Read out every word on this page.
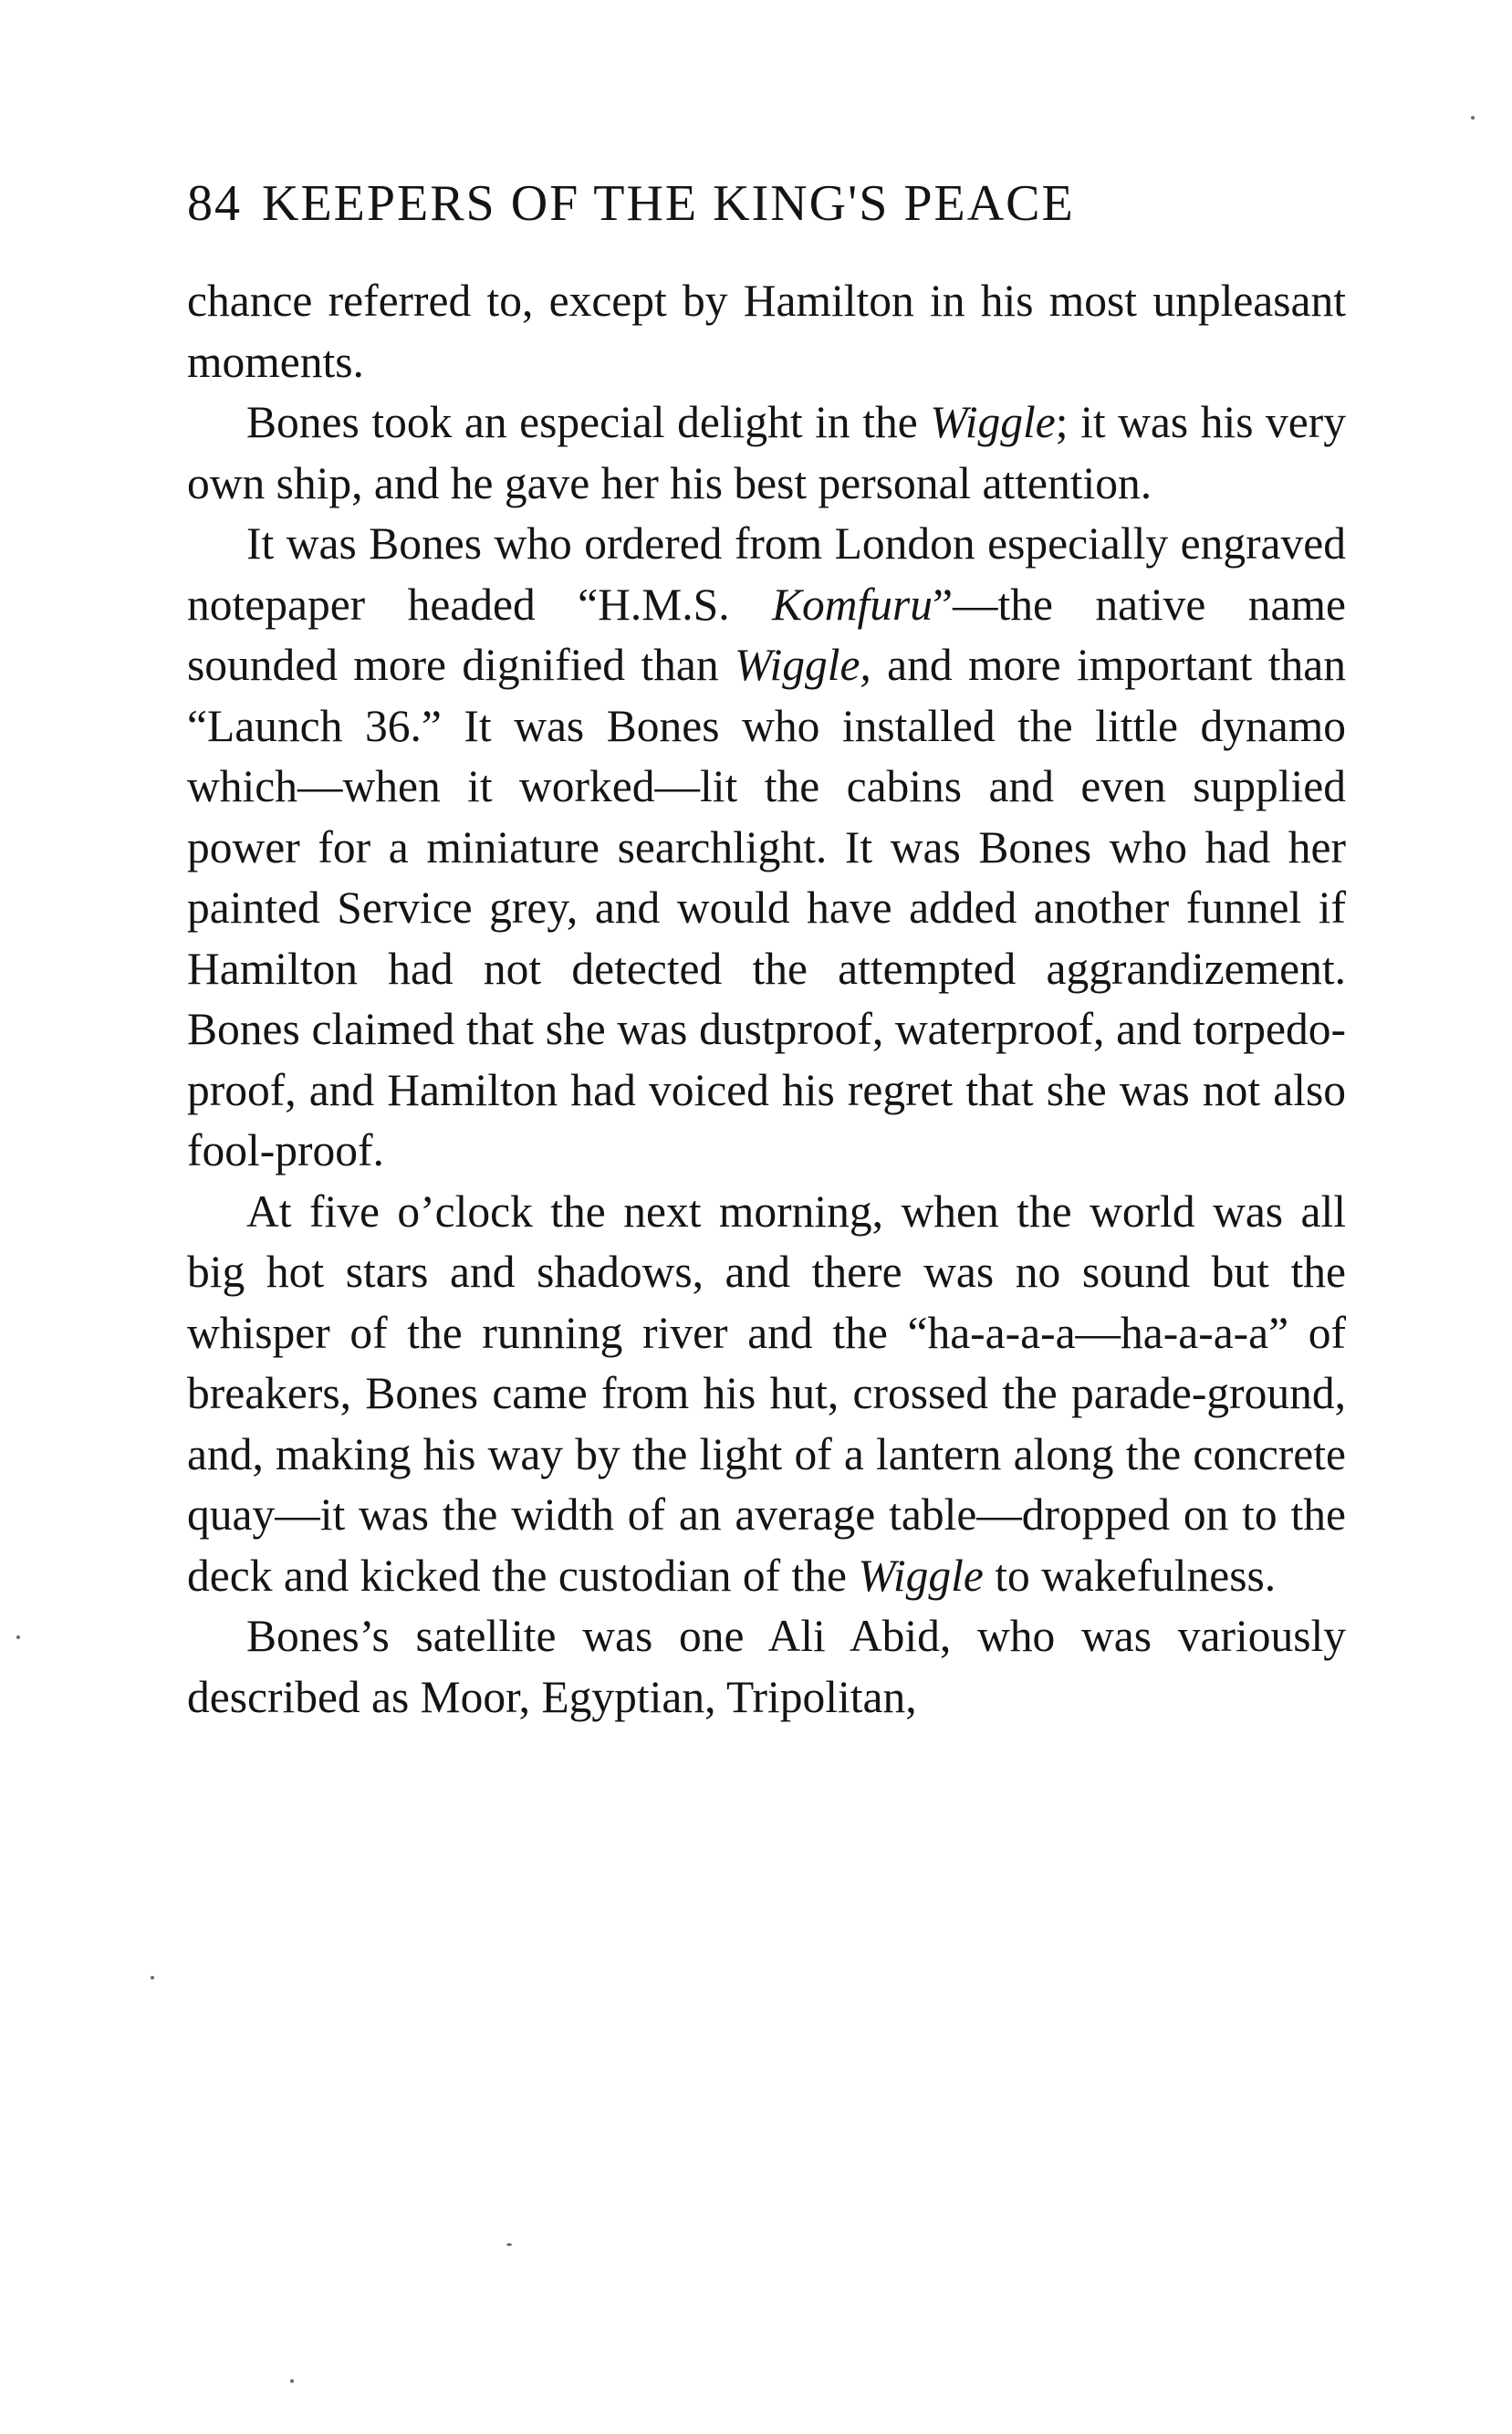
84 KEEPERS OF THE KING'S PEACE

chance referred to, except by Hamilton in his most unpleasant moments.

Bones took an especial delight in the Wiggle; it was his very own ship, and he gave her his best personal attention.

It was Bones who ordered from London especially engraved notepaper headed “H.M.S. Komfuru”—the native name sounded more dignified than Wiggle, and more important than “Launch 36.” It was Bones who installed the little dynamo which—when it worked—lit the cabins and even supplied power for a miniature searchlight. It was Bones who had her painted Service grey, and would have added another funnel if Hamilton had not detected the attempted aggrandizement. Bones claimed that she was dustproof, waterproof, and torpedo-proof, and Hamilton had voiced his regret that she was not also fool-proof.

At five o’clock the next morning, when the world was all big hot stars and shadows, and there was no sound but the whisper of the running river and the “ha-a-a-a—ha-a-a-a” of breakers, Bones came from his hut, crossed the parade-ground, and, making his way by the light of a lantern along the concrete quay—it was the width of an average table—dropped on to the deck and kicked the custodian of the Wiggle to wakefulness.

Bones’s satellite was one Ali Abid, who was variously described as Moor, Egyptian, Tripolitan,
